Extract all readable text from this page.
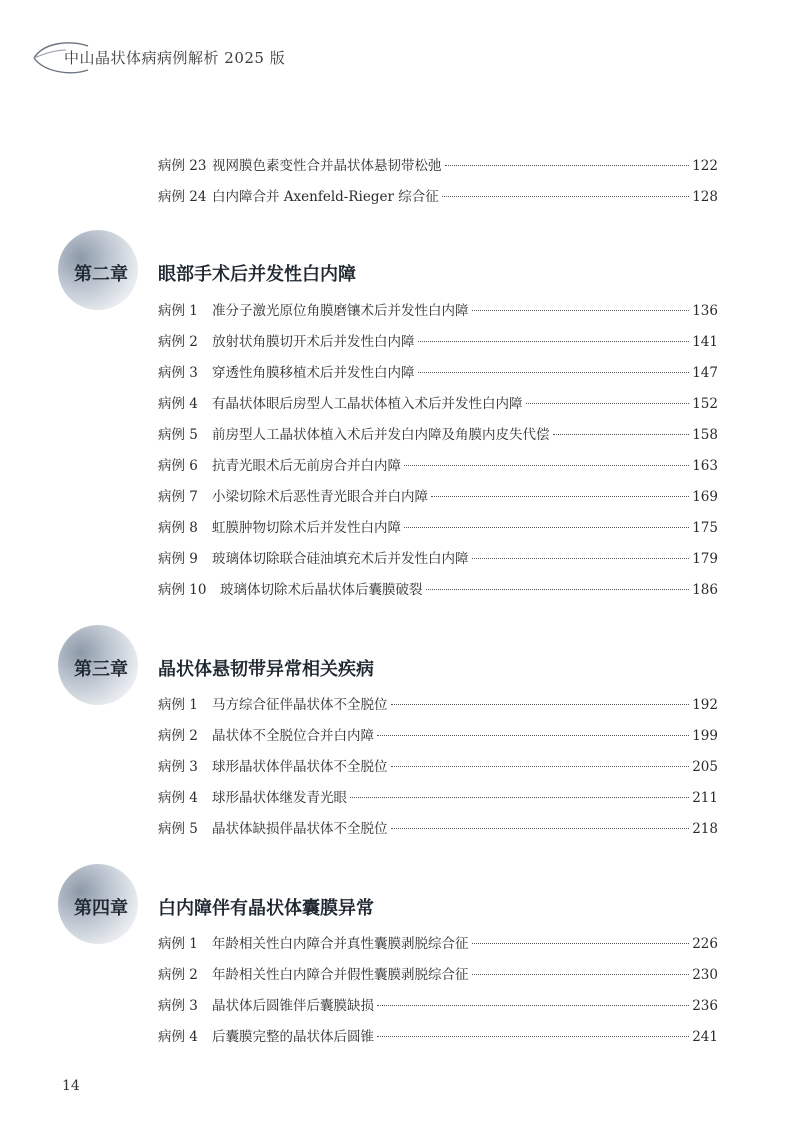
中山晶状体病病例解析 2025 版
病例 23 视网膜色素变性合并晶状体悬韧带松弛	122
病例 24 白内障合并 Axenfeld-Rieger 综合征	128
第二章 眼部手术后并发性白内障
病例 1	准分子激光原位角膜磨镶术后并发性白内障	136
病例 2	放射状角膜切开术后并发性白内障	141
病例 3	穿透性角膜移植术后并发性白内障	147
病例 4	有晶状体眼后房型人工晶状体植入术后并发性白内障	152
病例 5	前房型人工晶状体植入术后并发白内障及角膜内皮失代偿	158
病例 6	抗青光眼术后无前房合并白内障	163
病例 7	小梁切除术后恶性青光眼合并白内障	169
病例 8	虹膜肿物切除术后并发性白内障	175
病例 9	玻璃体切除联合硅油填充术后并发性白内障	179
病例 10	玻璃体切除术后晶状体后囊膜破裂	186
第三章 晶状体悬韧带异常相关疾病
病例 1	马方综合征伴晶状体不全脱位	192
病例 2	晶状体不全脱位合并白内障	199
病例 3	球形晶状体伴晶状体不全脱位	205
病例 4	球形晶状体继发青光眼	211
病例 5	晶状体缺损伴晶状体不全脱位	218
第四章 白内障伴有晶状体囊膜异常
病例 1	年龄相关性白内障合并真性囊膜剥脱综合征	226
病例 2	年龄相关性白内障合并假性囊膜剥脱综合征	230
病例 3	晶状体后圆锥伴后囊膜缺损	236
病例 4	后囊膜完整的晶状体后圆锥	241
14
